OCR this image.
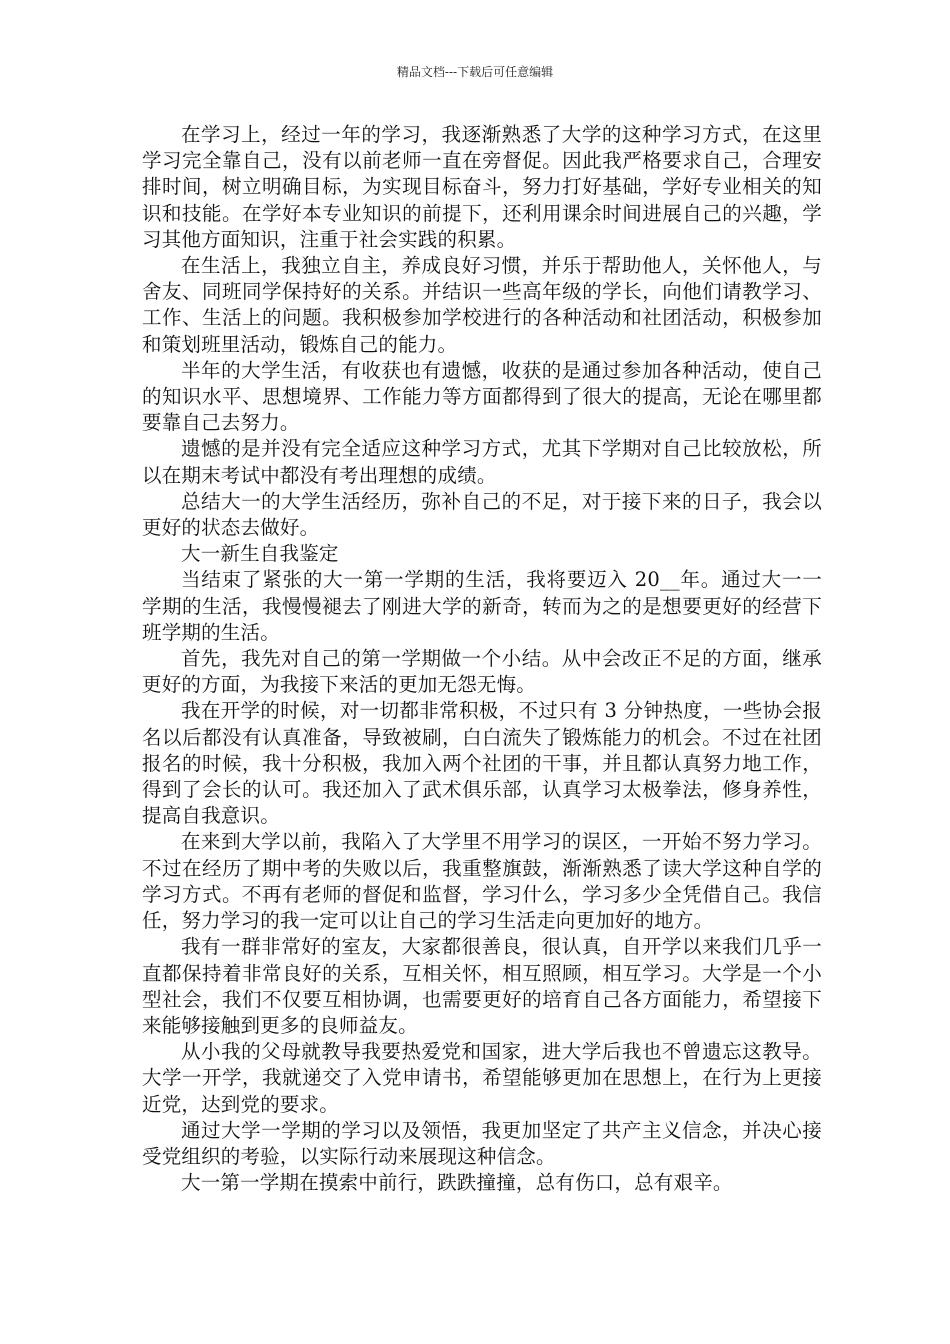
精品文档---下载后可任意编辑

在学习上，经过一年的学习，我逐渐熟悉了大学的这种学习方式，在这里学习完全靠自己，没有以前老师一直在旁督促。因此我严格要求自己，合理安排时间，树立明确目标，为实现目标奋斗，努力打好基础，学好专业相关的知识和技能。在学好本专业知识的前提下，还利用课余时间进展自己的兴趣，学习其他方面知识，注重于社会实践的积累。

在生活上，我独立自主，养成良好习惯，并乐于帮助他人，关怀他人，与舍友、同班同学保持好的关系。并结识一些高年级的学长，向他们请教学习、工作、生活上的问题。我积极参加学校进行的各种活动和社团活动，积极参加和策划班里活动，锻炼自己的能力。

半年的大学生活，有收获也有遗憾，收获的是通过参加各种活动，使自己的知识水平、思想境界、工作能力等方面都得到了很大的提高，无论在哪里都要靠自己去努力。

遗憾的是并没有完全适应这种学习方式，尤其下学期对自己比较放松，所以在期末考试中都没有考出理想的成绩。

总结大一的大学生活经历，弥补自己的不足，对于接下来的日子，我会以更好的状态去做好。

大一新生自我鉴定

当结束了紧张的大一第一学期的生活，我将要迈入 20__年。通过大一一学期的生活，我慢慢褪去了刚进大学的新奇，转而为之的是想要更好的经营下班学期的生活。

首先，我先对自己的第一学期做一个小结。从中会改正不足的方面，继承更好的方面，为我接下来活的更加无怨无悔。

我在开学的时候，对一切都非常积极，不过只有 3 分钟热度，一些协会报名以后都没有认真准备，导致被刷，白白流失了锻炼能力的机会。不过在社团报名的时候，我十分积极，我加入两个社团的干事，并且都认真努力地工作，得到了会长的认可。我还加入了武术俱乐部，认真学习太极拳法，修身养性，提高自我意识。

在来到大学以前，我陷入了大学里不用学习的误区，一开始不努力学习。不过在经历了期中考的失败以后，我重整旗鼓，渐渐熟悉了读大学这种自学的学习方式。不再有老师的督促和监督，学习什么，学习多少全凭借自己。我信任，努力学习的我一定可以让自己的学习生活走向更加好的地方。

我有一群非常好的室友，大家都很善良，很认真，自开学以来我们几乎一直都保持着非常良好的关系，互相关怀，相互照顾，相互学习。大学是一个小型社会，我们不仅要互相协调，也需要更好的培育自己各方面能力，希望接下来能够接触到更多的良师益友。

从小我的父母就教导我要热爱党和国家，进大学后我也不曾遗忘这教导。大学一开学，我就递交了入党申请书，希望能够更加在思想上，在行为上更接近党，达到党的要求。

通过大学一学期的学习以及领悟，我更加坚定了共产主义信念，并决心接受党组织的考验，以实际行动来展现这种信念。

大一第一学期在摸索中前行，跌跌撞撞，总有伤口，总有艰辛。
